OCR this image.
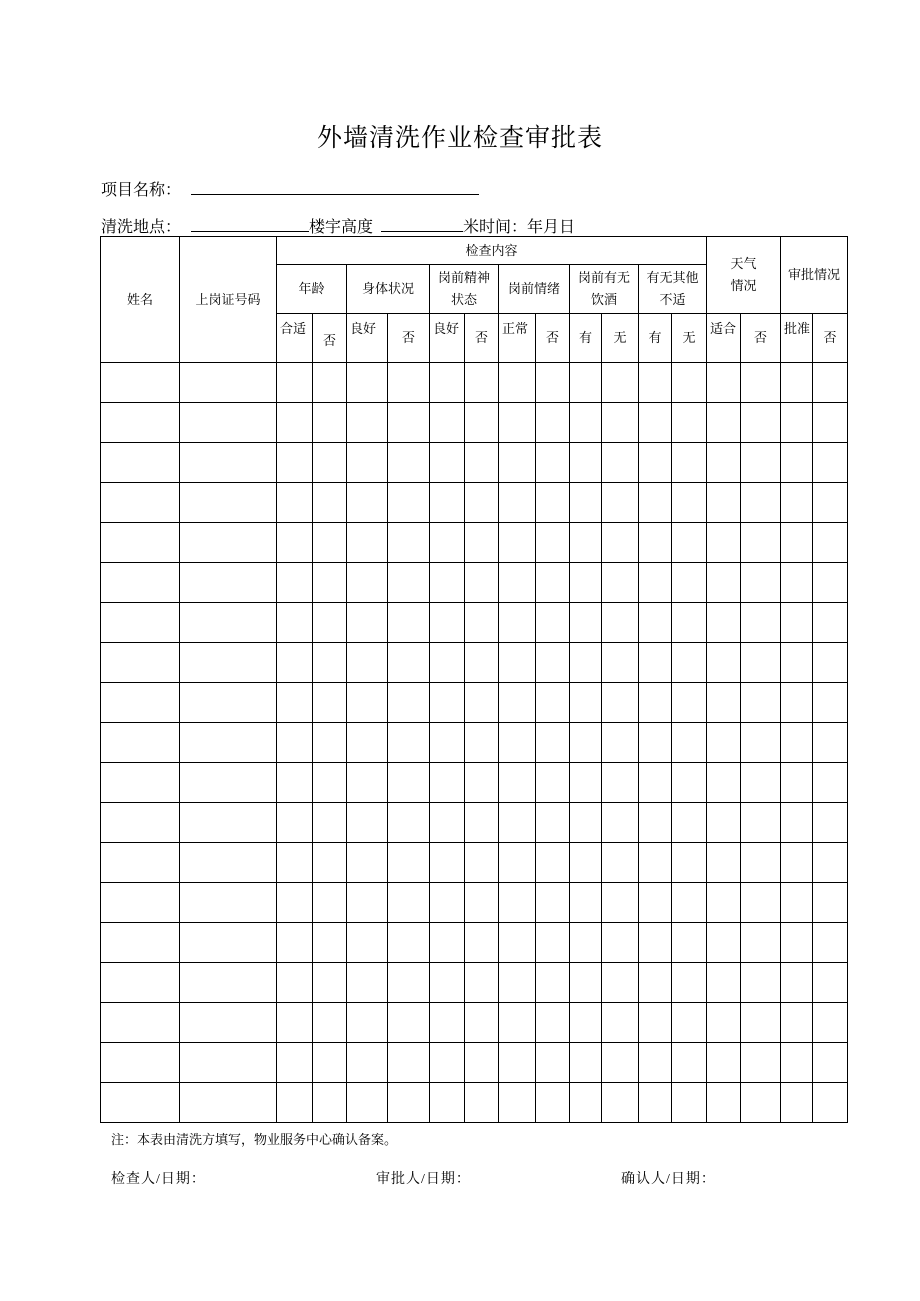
外墙清洗作业检查审批表
项目名称：
清洗地点：	楼宇高度	米时间：年月日
姓名	上岗证号码	检查内容												天气情况		审批情况	
		年龄		身体状况		岗前精神状态		岗前情绪		岗前有无饮酒		有无其他不适					

		合适	否	良好	否	良好	否	正常	否	有	无	有	无	适合	否	批准	否

注：本表由清洗方填写，物业服务中心确认备案。
检查人/日期：	审批人/日期：	确认人/日期：
